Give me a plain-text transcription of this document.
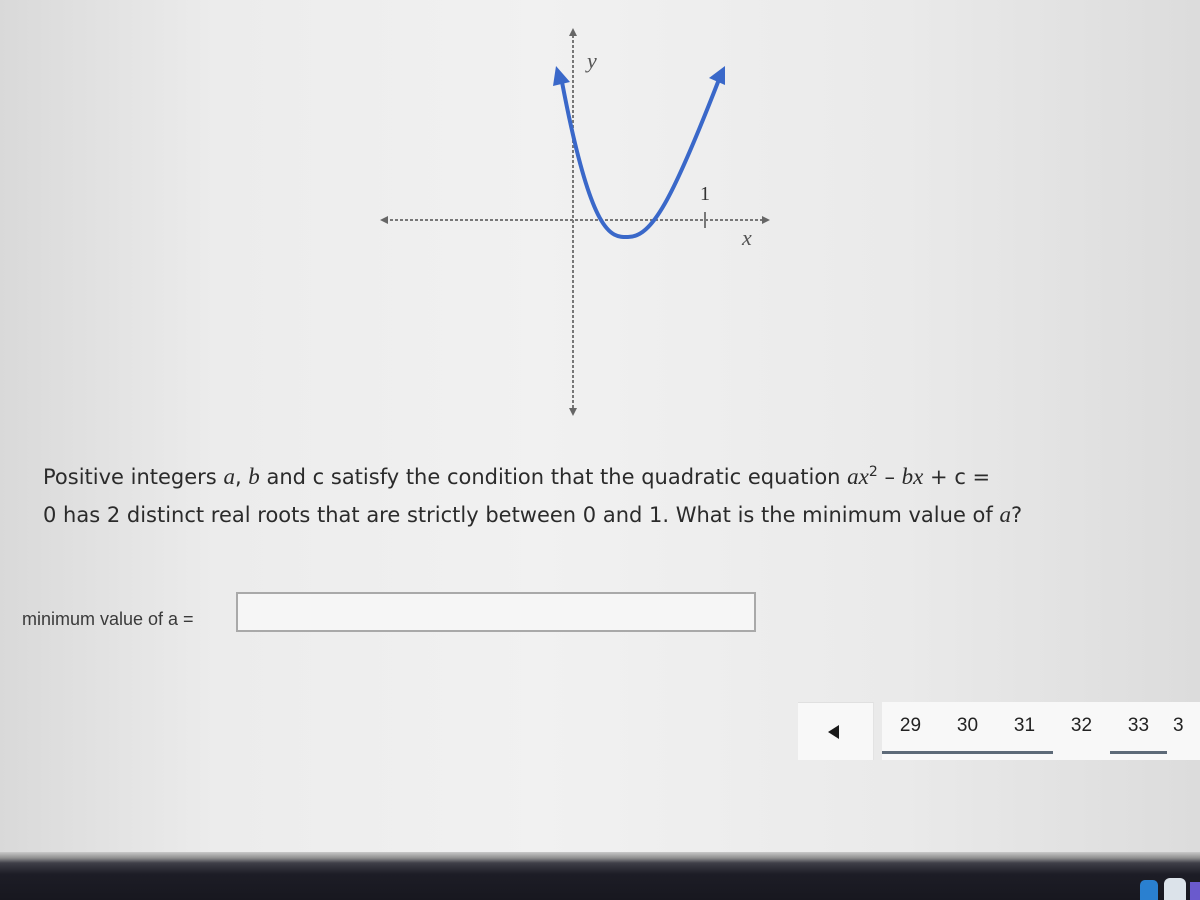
1
y
x
Positive integers a, b and c satisfy the condition that the quadratic equation $ax^2$ – bx + c =
0 has 2 distinct real roots that are strictly between 0 and 1. What is the minimum value of a?
minimum value of a =
29	30	31	32	33	3
